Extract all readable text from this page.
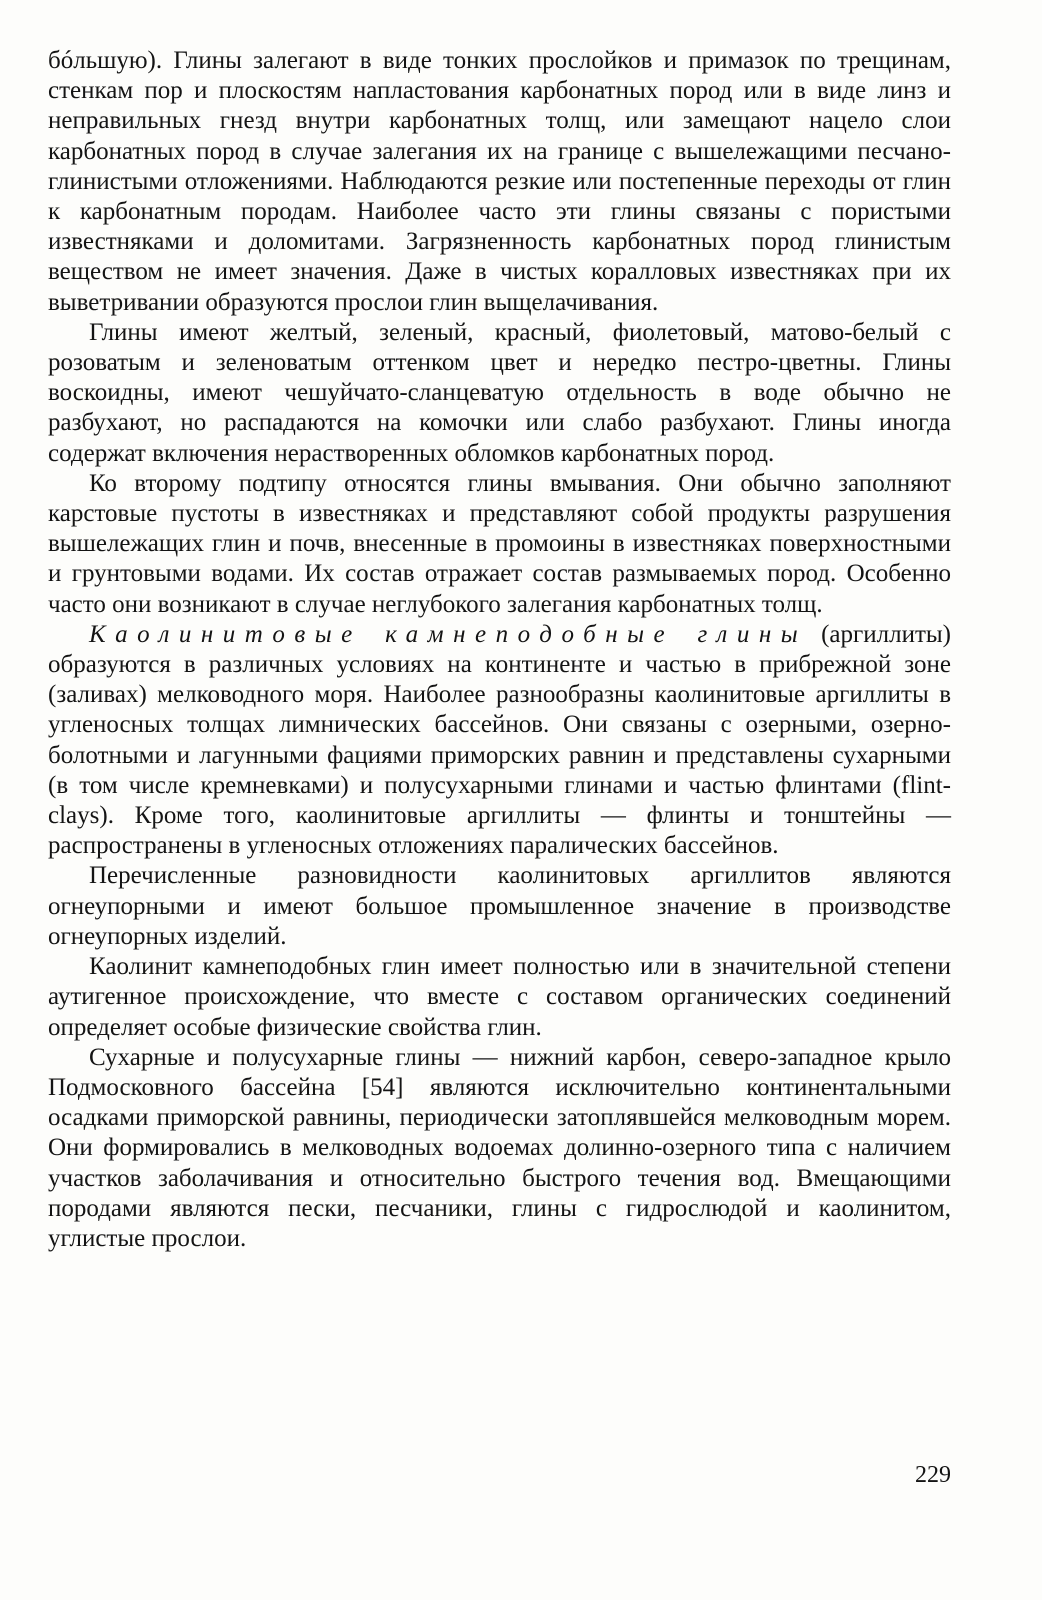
бóльшую). Глины залегают в виде тонких прослойков и примазок по трещинам, стенкам пор и плоскостям напластования карбонатных пород или в виде линз и неправильных гнезд внутри карбонатных толщ, или замещают нацело слои карбонатных пород в случае залегания их на границе с вышележащими песчано-глинистыми отложениями. Наблюдаются резкие или постепенные переходы от глин к карбонатным породам. Наиболее часто эти глины связаны с пористыми известняками и доломитами. Загрязненность карбонатных пород глинистым веществом не имеет значения. Даже в чистых коралловых известняках при их выветривании образуются прослои глин выщелачивания.

Глины имеют желтый, зеленый, красный, фиолетовый, матово-белый с розоватым и зеленоватым оттенком цвет и нередко пестро-цветны. Глины воскоидны, имеют чешуйчато-сланцеватую отдельность в воде обычно не разбухают, но распадаются на комочки или слабо разбухают. Глины иногда содержат включения нерастворенных обломков карбонатных пород.

Ко второму подтипу относятся глины вмывания. Они обычно заполняют карстовые пустоты в известняках и представляют собой продукты разрушения вышележащих глин и почв, внесенные в промоины в известняках поверхностными и грунтовыми водами. Их состав отражает состав размываемых пород. Особенно часто они возникают в случае неглубокого залегания карбонатных толщ.

Каолинитовые камнеподобные глины (аргиллиты) образуются в различных условиях на континенте и частью в прибрежной зоне (заливах) мелководного моря. Наиболее разнообразны каолинитовые аргиллиты в угленосных толщах лимнических бассейнов. Они связаны с озерными, озерно-болотными и лагунными фациями приморских равнин и представлены сухарными (в том числе кремневками) и полусухарными глинами и частью флинтами (flint-clays). Кроме того, каолинитовые аргиллиты — флинты и тонштейны — распространены в угленосных отложениях паралических бассейнов.

Перечисленные разновидности каолинитовых аргиллитов являются огнеупорными и имеют большое промышленное значение в производстве огнеупорных изделий.

Каолинит камнеподобных глин имеет полностью или в значительной степени аутигенное происхождение, что вместе с составом органических соединений определяет особые физические свойства глин.

Сухарные и полусухарные глины — нижний карбон, северо-западное крыло Подмосковного бассейна [54] являются исключительно континентальными осадками приморской равнины, периодически затоплявшейся мелководным морем. Они формировались в мелководных водоемах долинно-озерного типа с наличием участков заболачивания и относительно быстрого течения вод. Вмещающими породами являются пески, песчаники, глины с гидрослюдой и каолинитом, углистые прослои.

229
